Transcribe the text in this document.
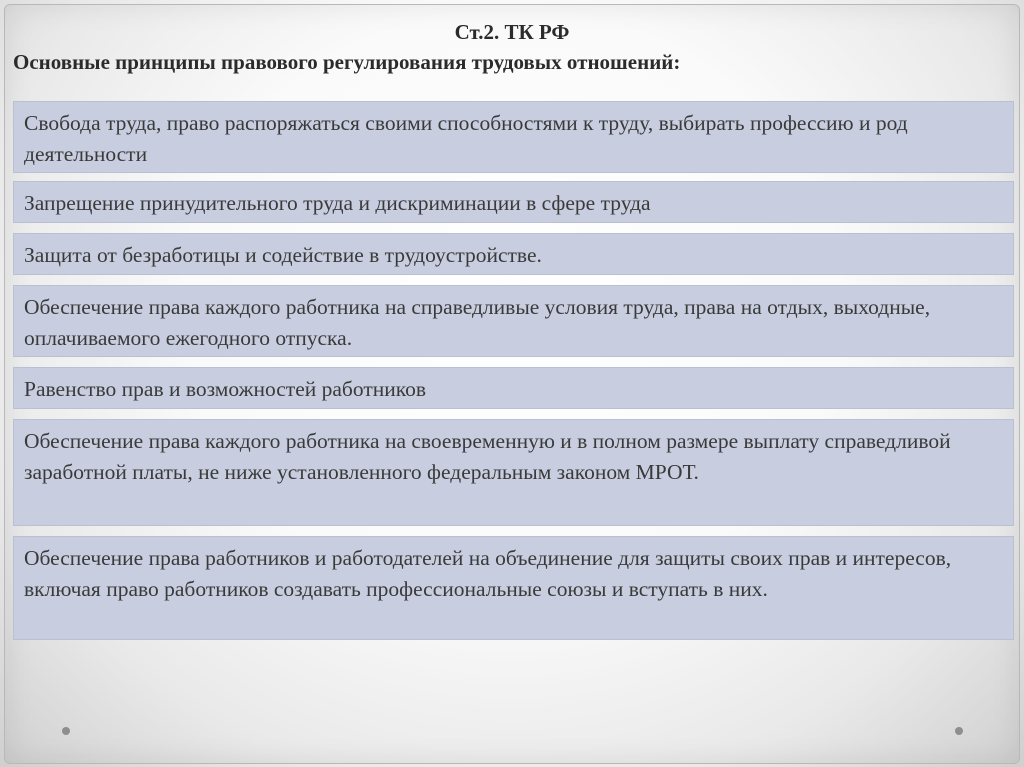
Ст.2. ТК РФ
Основные принципы правового регулирования трудовых отношений:
Свобода труда, право распоряжаться своими способностями к труду, выбирать профессию и род деятельности
Запрещение принудительного труда и дискриминации в сфере труда
Защита от безработицы и содействие в трудоустройстве.
Обеспечение права каждого работника на справедливые условия труда, права на отдых, выходные, оплачиваемого ежегодного отпуска.
Равенство прав и возможностей работников
Обеспечение права каждого работника на своевременную и в полном размере выплату справедливой заработной платы, не ниже установленного федеральным законом МРОТ.
Обеспечение права работников и работодателей на объединение для защиты своих прав и интересов, включая право работников создавать профессиональные союзы и вступать в них.
